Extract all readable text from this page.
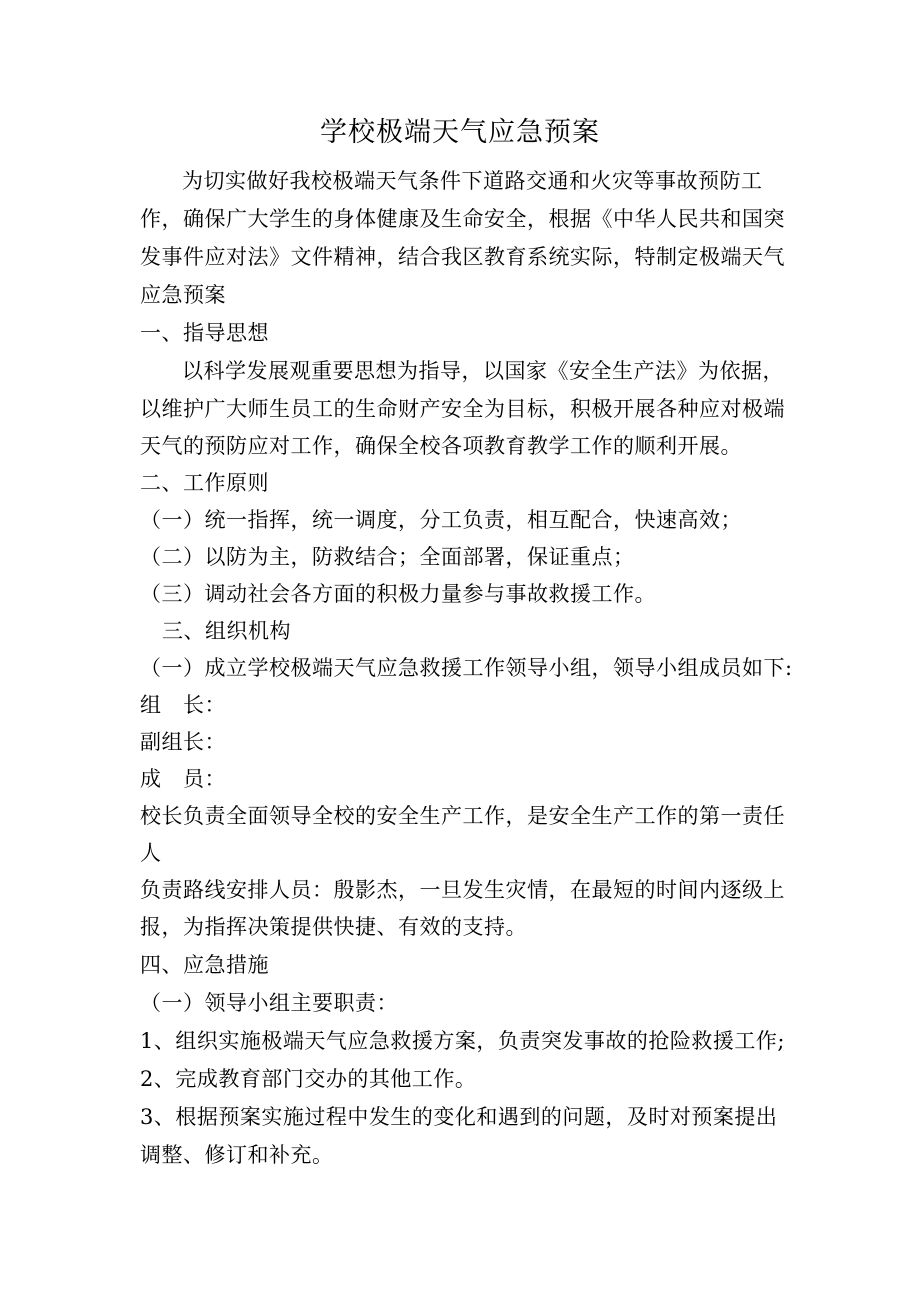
学校极端天气应急预案
为切实做好我校极端天气条件下道路交通和火灾等事故预防工
作，确保广大学生的身体健康及生命安全，根据《中华人民共和国突
发事件应对法》文件精神，结合我区教育系统实际，特制定极端天气
应急预案
一、指导思想
以科学发展观重要思想为指导，以国家《安全生产法》为依据，
以维护广大师生员工的生命财产安全为目标，积极开展各种应对极端
天气的预防应对工作，确保全校各项教育教学工作的顺利开展。
二、工作原则
（一）统一指挥，统一调度，分工负责，相互配合，快速高效；
（二）以防为主，防救结合；全面部署，保证重点；
（三）调动社会各方面的积极力量参与事故救援工作。
三、组织机构
（一）成立学校极端天气应急救援工作领导小组，领导小组成员如下:
组　长：
副组长：
成　员：
校长负责全面领导全校的安全生产工作，是安全生产工作的第一责任
人
负责路线安排人员：殷影杰，一旦发生灾情，在最短的时间内逐级上
报，为指挥决策提供快捷、有效的支持。
四、应急措施
（一）领导小组主要职责：
1、组织实施极端天气应急救援方案，负责突发事故的抢险救援工作;
2、完成教育部门交办的其他工作。
3、根据预案实施过程中发生的变化和遇到的问题，及时对预案提出
调整、修订和补充。
